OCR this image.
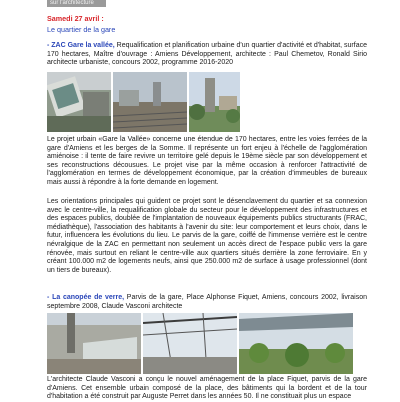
sur l'architecture
Samedi 27 avril :
Le quartier de la gare

- ZAC Gare la vallée, Requalification et planification urbaine d'un quartier d'activité et d'habitat, surface 170 hectares, Maître d'ouvrage : Amiens Développement, architecte : Paul Chemetov, Ronald Sirio architecte urbaniste, concours 2002, programme 2016-2020

Le projet urbain «Gare la Vallée» concerne une étendue de 170 hectares, entre les voies ferrées de la gare d'Amiens et les berges de la Somme. Il représente un fort enjeu à l'échelle de l'agglomération amiénoise : il tente de faire revivre un territoire gelé depuis le 19ème siècle par son développement et ses reconstructions décousues. Le projet vise par la même occasion à renforcer l'attractivité de l'agglomération en termes de développement économique, par la création d'immeubles de bureaux mais aussi à répondre à la forte demande en logement.

Les orientations principales qui guident ce projet sont le désenclavement du quartier et sa connexion avec le centre-ville, la requalification globale du secteur pour le développement des infrastructures et des espaces publics, doublée de l'implantation de nouveaux équipements publics structurants (FRAC, médiathèque), l'association des habitants à l'avenir du site: leur comportement et leurs choix, dans le futur, influencera les évolutions du lieu. Le parvis de la gare, coiffé de l'immense verrière est le centre névralgique de la ZAC en permettant non seulement un accès direct de l'espace public vers la gare rénovée, mais surtout en reliant le centre-ville aux quartiers situés derrière la zone ferroviaire. En y créant 100.000 m2 de logements neufs, ainsi que 250.000 m2 de surface à usage professionnel (dont un tiers de bureaux).

- La canopée de verre, Parvis de la gare, Place Alphonse Fiquet, Amiens, concours 2002, livraison septembre 2008, Claude Vasconi architecte

L'architecte Claude Vasconi a conçu le nouvel aménagement de la place Fiquet, parvis de la gare d'Amiens. Cet ensemble urbain composé de la place, des bâtiments qui la bordent et de la tour d'habitation a été construit par Auguste Perret dans les années 50. Il ne constituait plus un espace
